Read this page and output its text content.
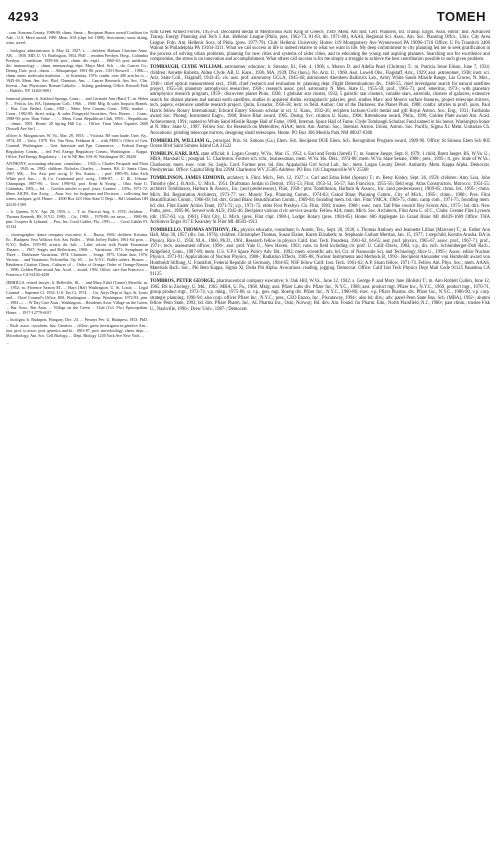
4293	TOMEH
...com. Sonoma County, 1988-90; chmn. Santa ... Recipient Honor award Coalition for Ade... U.S. Merit award, 1989. Mem. AIA (chpt. bd. 1988). Avocations: snow skiing, wine, travel.
... biologist, administrator; b. May 24, 1927; s. ... children: Barbara Christine Anne. AB, ... 1950. MD, U. Vt. Burlington, 1954. PhD ... resident Presbyn. Hosp., Columbia Presbyn. ... medicine, 1958-60; prof., chmn. div. exptl. ... 1960-63; prof. medicine, div. immunology ... chmn. immunology dept. Mayo Med. Sch. ... dir. Cancer Ctr.; Dering Univ. prof., chmn. ... Albuquerque, 1981-86, pres., CEO Roswell ... 1986—, chmn. mem. molecular medicine ... of Scientists, 1976; contbr. over 200 articles to ... 1945-46. Mem. Am. Soc. Biol. Chemists, Am. ... Cancer Research, Am. Soc. Clin. Investi... Am. Physicians. Roman Catholic. ... fishing, gardening. Office: Roswell Park ... Buffalo, NY 14263-0001
financial planner; b. Stafford Springs, Conn.; ... and Gertrude Ann (Barr) T.; m. Helen F. ... Felicia, Jay. BA, Quinnipiac Coll., 1966. ... 1968. Mfg. & sales Iroquois Brands, ... Bus. Con. Bethel, Conn., 1981-... Mem. New Canaan, Conn., 1982; market ... Conn., 1982-85; direct mktg. & sales Fitzgerald Securities, New Haven, ... Conn., 1988-90; prin. Titan Value ... ; ... Mem. Conn. Republican Club, 1993-... Republican; ... chmn., 1991. Home: 20 Spring Hill Ln. ... Office: Titan Value Equities 2600 Dixwell Ave Ste 1 ...
officer; b. Morgantown, W. Va., Mar. 29, 1953; ... Victoria. BS cum laude, Univ. Ky., 1974; JD ... Univ., 1979. Pvt. Van Ness, Feldman & ... with FERC's Office of Gen. Counsel, Washington; ... Gen. Interstate and Fgn. Commerce, ... Federal Energy Regulatory Comm., ... fed. Fed. Energy Regulatory Comm., Washington ... Kappa. Office: Fed Energy Regulatory ... 1st St NE Rm 10A-01 Washington DC 20426
ANTHONY, accounting educator, consultant; ... 1945; s. Charles Pasquale and Flora Joan ... 1945; m. 1982; children: Nicholas Charles, ... Jenner, BS, U. Santa Clara, 1967; MS, ... Tex. Asst. prof. acctg. U. Tex. Austin, ... ; prof. 1985-95, John Arch White prof. bus., ... & Co. Centennial prof. acctg., 1986-87; ... U. Ill., Urbana-Champaign, 1987-90; ... Univ. 1990-92; prof. Ernst & Young ... Ohio State U. Columbus, 1993—; bd. ... Gordon articles to prof. jours. Grantee ... CPAs, 1971-72. Mem. AICPA, Am. Acctg. ... Assn. Soc. for Judgment and Decision ... collecting fine wines, antiques, golf. Home: ... 4300 Box 223 Ohio State U Dept ... Rd Columbus OH 43210-1309
... b. Queens, N.Y., Apr. 28, 1955; s. ... T. m. Patricia Ang, S. 1974; children: ... Thomas Kenneth. BS, N.Y.U. 1980; ... Ctr., 1980; ... 1978-80; tax assoc., ... 1980-86; ptnr. Coopers & Lybrand, ... Pres. Ins. Coral Gables, Fla., 1991—; ... Coral Gables FL 33134
... choreographer, dance company executive; b. ... Ruzsa, 1965; children: Kristina, Er... Budapest Vera Volkova Sch. Am. Ballet. ... With Joffrey Ballet, 1961-64; prin. ... N.Y.C. Ballet, 1970-85; artistic dir. Salt ... Lake; soloist with Finish Parnassian Theatre, ... 1967; Stages and Reflections, 1968; ... Variations, 1971; Symphony in Three ... Dirkhonee Variations, 1974; Chansons ... Songs, 1975; Urban Jazz, 1976; Various ... and Variations; Pulcinellas. Op. 65, ... for N.Y.C. Ballet; others. Honors ... Residence Citation Chmn., Cultures of ... Order of Orange; Order of Orange-Nassau ... 1990; Golden Plate award Am. Acad. ... award, 1992. Office: care San Francisco ... Francisco CA 94102-4438
JERRILLS, retired lawyer; b. Belleville, Ill., ... and Mary Ethel (Turner) Merrills; m. ... 1952; m. Florence Saxton M., ... Hays (Hal) Washington. U. St. Louis; ... Legal Counsel ... Supreme Ct. 1954. U.S. Tax Ct. 1974. ... Cts. Attys Dept of Agri. St. Louis and ... Chief Counsel's Office, IRS, Washington ... Hosp. Washington, 1972-83; ptnr. ... 1983—; ... W Day Care Assn., Washington ... Residents Assn. Village on the Green, ... Bar Assn., Bar Assn. ... Village on the Green ... Club (Col. Fla.) Episcopalian. Home: ... 1917-12779-6017
... biologist; b. Budapest, Hungary, Dec. 23, ... Peranyi Pev. U. Budapest, 1953; PhD. ... Rsch. assoc. cytochem. Inst. Genetics ... fellow; guest investigator in genetics Am... asst. prof. to assoc. prof. genetics and bi... 1963-87, prof. microbiology, chem. dept. ... Microbiology, Am. Soc. Cell Biology, ... Dept. Biology 1230 York Ave New York ...
...
with Greek Armed Forces, 1953-54. Decorated medal of Meritorious Acts King of Greece, 1949. Mem. Am Inst. Cert. Planners, Int. Transp. Engrs. Assn. editor: Inst. Advanced Transp. Energy Planning and Tech 5 Am. Hellenic League (Phila. pres. 1962-73, 81-83, dir. 1971-80), AAAS, Regional Sci. Assn., Am. Soc. Planning Offcs., Univ. City Area League, Frdn. Am. Hellenic Socs. of Phila. (pres. 1977-79). Club: Hellenic University. Home: 119 Montgomery Ave Wynnewood PA 19096-1718 Office: U Pa Transitch 3400 Walnut St Philadelphia PA 19104-3311. What we call success in life is indeed relative to what we want in life. My deep commitment to city planning led me to seek gratification in the process of solving urban problems, planning for new cities and systems of older cities, and to educating the young and aspiring planners. Searching out for excellence and compromise, the stress is on innovation and accomplishment. What others call success is for me simply a struggle to achieve the best contribution possible to such given problem.
TOMBAUGH, CLYDE WILLIAM, astronomer, educator; b. Streator, Ill., Feb. 4, 1906; s. Muron D. and Adella Pearl (Chritton) T.; m. Patricia Irene Edson, June 7, 1934; children: Annette Roberta, Alden Clyde. AB, U. Kans., 1936, MA, 1939; DSc (hon.), No. Ariz. U., 1960. Asst. Lowell Obs., Flagstaff, Ariz., 1929; asst. astronomer, 1938; instr. sci. Ariz. State Coll., Flagstaff, 1943-45; vis. asst. prof. astronomy UCLA, 1945-46; astronomer Aberdeen Ballistics Lab., Army White Sands Missile Range, Las Cruces, N. Mex., 1946-; chief optical measurement sect., 1948, chief research and evaluation br. planning dept. Flight Determinations div., 1948-55, chief investigator search for natural satellites project, 1955-58, planetary astrophysics researcher, 1958-; research assoc. prof. astronomy N. Mex. State U., 1955-59; prof., 1965-73, prof. emeritus, 1973-; with planetary astrophysics research program, 1959-; discoverer planet Pluto, 1930, 1 globular star cluster, 1932, 5 galactic star clusters, variable stars, asteroids, clusters of galaxies, extensive search for distant planets and natural earth satellites, studies in apparent distbn. extragalactic galaxies, geol. studies Mars' and Moon's surface features, project telescope mirrors, tech. papers, extensive satellite research project. Quito, Ecuador, 1956-58; lectr. in field. Author: Out of the Darkness: the Planet Pluto, 1980; contbr. articles to profl. jours. Paul Harris fellow Rotary International; Edward Emery Slosson scholar in sci. U. Kans., 1932-36; recipient Jackson-Gwilt medal and gift Royal Astron. Soc. Eng., 1931; Fairbanks award Soc. Photog. Instrument Engrs., 1968; Bruce Blair award, 1965, Distng. Svc. citation U. Kans., 1966; Rittenhouse award, Phila., 1990, Golden Plate award Am. Acad. Achievement, 1991; named to White Sand Missile Range Hall of Fame, 1980, Internat. Space Hall of Fame, Clyde Tombaugh Scholars Fund named in his honor, Washington honor at N. Mex. State U., 1987. Fellow Soc. for Research on Meteorites, AIAA; mem. Am. Astron. Soc., Internat. Astron. Union, Astron. Soc. Pacific, Sigma Xi. Mem. Unitarian Ch. Avocations: grinding telescope mirrors, designing small telescopes. Home: PO Box 306 Mesilla Park NM 88047-0306
TOMBERLIN, WILLIAM G., principal. Prin. St. Simons (Ga.) Elem. Sch. Recipient DOE Elem. Sch. Recognition Program award, 1989-90. Office: St Simons Elem Sch 805 Ocean Blvd Saint Simons Island GA 31522
TOMBLIN, EARL RAY, state official; b. Logan County, W.Va., Mar. 15, 1952; s. Earl and Freda (Jarrell) T.; m. Joanne Jaeger, Sept. 8, 1979; 1 child, Brent Jaeger. BS, W.Va. U.; MBA, Marshall U.; postgrad. U. Charleston. Former sch. tchr., businessman, mem. W.Va. Ho. Dels., 1974-80; mem. W.Va. State Senate, 1980-; pres., 1995-; lt. gov. State of W.Va.; Charleston; mem. exec. com. So. Legis. Conf. Former pres. bd. dirs. Appalachia Girl Scout Lab., Inc.; mem. Logan County Devel. Authority. Mem. Kappa Alpha. Democrat. Presbyterian. Office: Capitol Bldg Rm 229M Charleston WV 25305 Address: PO Box 116 Chapmanville WV 25508
TOMBLINSON, JAMES EDMOND, architect; b. Flint, Mich., Feb. 12, 1927; s. Carl and Edna Ethel (Spears) T.; m. Betsy Kinley, Sept. 26, 1959; children: Amy Lisa, John Timothy (dec.). B.Arch., U. Mich., 1951. Draftsman Jordan in Detroit, 1951-53, Flint, 1953-54, 56-57, San Francisco, 1955-56; field engr. Atlas Constructors, Morocco, 1954-55; architect Tomblinson, Harburn & Assocs., Inc. (and predecessors), Flint, 1958-; ptnr. Tomblinson, Harburn & Assocs., Inc. (and predecessors), 1969-85; chmn. bd., 1995-; chmn. Mich. Bd. Registration Architects, 1973-77; sec. Mundy Twp. Planning Comm., 1974-83; Grand Blanc Planning Comm., City of Mich., 1985-; chmn., 1988-; Pres. Flint Beautification Comm., 1968-69; bd. dirs. Grand Blanc Beautification Comm., 1969-84; founding mem. bd. dirs. Flint YMCA, 1969-75, chmn. camp com., 1971-75; founding mem. bd. dirs. Flint Easter Action Team, 1971-72, v.p., 1971-75; elder First Presbyn. Ch. Flint, 1983; trustee, 1986-; exec. com. Tall Pine council Boy Scouts Am., 1975-; bd. dirs. New Paths, pres., 1985-86. Served with AUS, 1945-46. Recipient various civic service awards. Fellow AIA; mem. Mich. Soc. Architects, Flint Area C. of C., Clubs: Greater Flint Lyceum (dir. 1957-63, v.p. 1963), Flint City, U. Mich. (pres. Flint chpt. 1980-), Lodge: Rotary (pres. 1984-85). Home: 686 Applegate Ln Grand Blanc MI 48439-1669 Office: THA Architects Engrs 817 E Kearsley St Flint MI 48503-1913
TOMBRELLO, THOMAS ANTHONY, JR., physics educator, consultant; b. Austin, Tex., Sept. 20, 1936; s. Thomas Anthony and Jeannette Lillian (Marcuse) T.; m. Esther Ann Hall, May 30, 1957 (div. Jan. 1976); children: Christopher Thomas, Susan Elaine, Karen Elizabeth; m. Stephanie Carhart Merrian, Jan. 15, 1977; 1 stepchild, Kerstin Arusha. BA in Physics, Rice U., 1958, M.A., 1960, Ph.D., 1961. Research fellow in physics Calif. Inst. Tech. Pasadena, 1961-62, 64-65; asst. prof. physics, 1965-67, assoc. prof., 1967-71, prof., 1971-; tech. assessment officer, 1996-; asst. prof. Yale U., New Haven, 1963; cons. in field including ctr. prof. U. Calif.-Davis, 1984, v.p., dir. rsch. Schlumberger-Doll Rsch., Ridgefield, Conn., 1987-89; mem. U.S. V.P.'s Space Policy Adv. Bd., 1992; mem. scientific adv. bd. Ctr. of Nanoscale Sci. and Technology, Rice U., 1995-; Assoc. editor Nuclear Physics, 1971-91; Applications of Nuclear Physics, 1980-; Radiation Effects, 1985-88, Nuclear Instruments and Methods B, 1993-. Recipient Alexander von Humboldt award von Humboldt Stiftung, U. Frankfurt, Federal Republic of Germany, 1984-85; NSF fellow Calif. Inst. Tech. 1961-62; A.P. Sloan fellow, 1971-73. Fellow Am. Phys. Soc.; mem. AAAS, Materials Rsch. Soc., Phi Beta Kappa, Sigma Xi, Delta Phi Alpha. Avocations: reading, jogging. Democrat. Office: Calif Inst Tech Physics Dept Mail Code 91125 Pasadena CA 91125
TOMBROS, PETER GEORGE, pharmaceutical company executive; b. Oak Hill, W.Va., June 12, 1942; s. George P. and Mary Jane (Bolish) T.; m. Ann Roblett Cullen, June 12, 1965. BS in Zoology, U. Md., 1965; MBA, U. Pa., 1968. Mktg. asst. Pfizer Labs div. Pfizer Inc., N.Y.C., 1968; asst. product mgr. Pfizer Inc., N.Y.C., 1969, product mgr., 1970-71, group product mgr., 1972-74, v.p. mktg., 1975-80, sr. v.p., gen. mgr. Roerig div. Pfizer Inc., N.Y.C., 1980-86; exec. v.p. Pfizer Pharms. div. Pfizer Inc., N.Y.C., 1986-90, v.p. corp. strategic planning, 1990-94; also corp. officer Pfizer Inc., N.Y.C.; pres., CEO Enzon, Inc., Piscataway, 1994-; also bd. dirs.; adv. panel Penn State Bus. Sch. (MBA), 1992-; alumni fellow Penn State, 1993; bd. dirs. Pfizer Pharm. Inc., AL Pharma Inc., Oslo, Norway; Bd. dirs. Am. Found. for Pharm. Edn., North Plainfield, N.J., 1980-; past chmn.; trustee Fisk U., Nashville, 1996-; Drew Univ., 1987-; Democrat.
